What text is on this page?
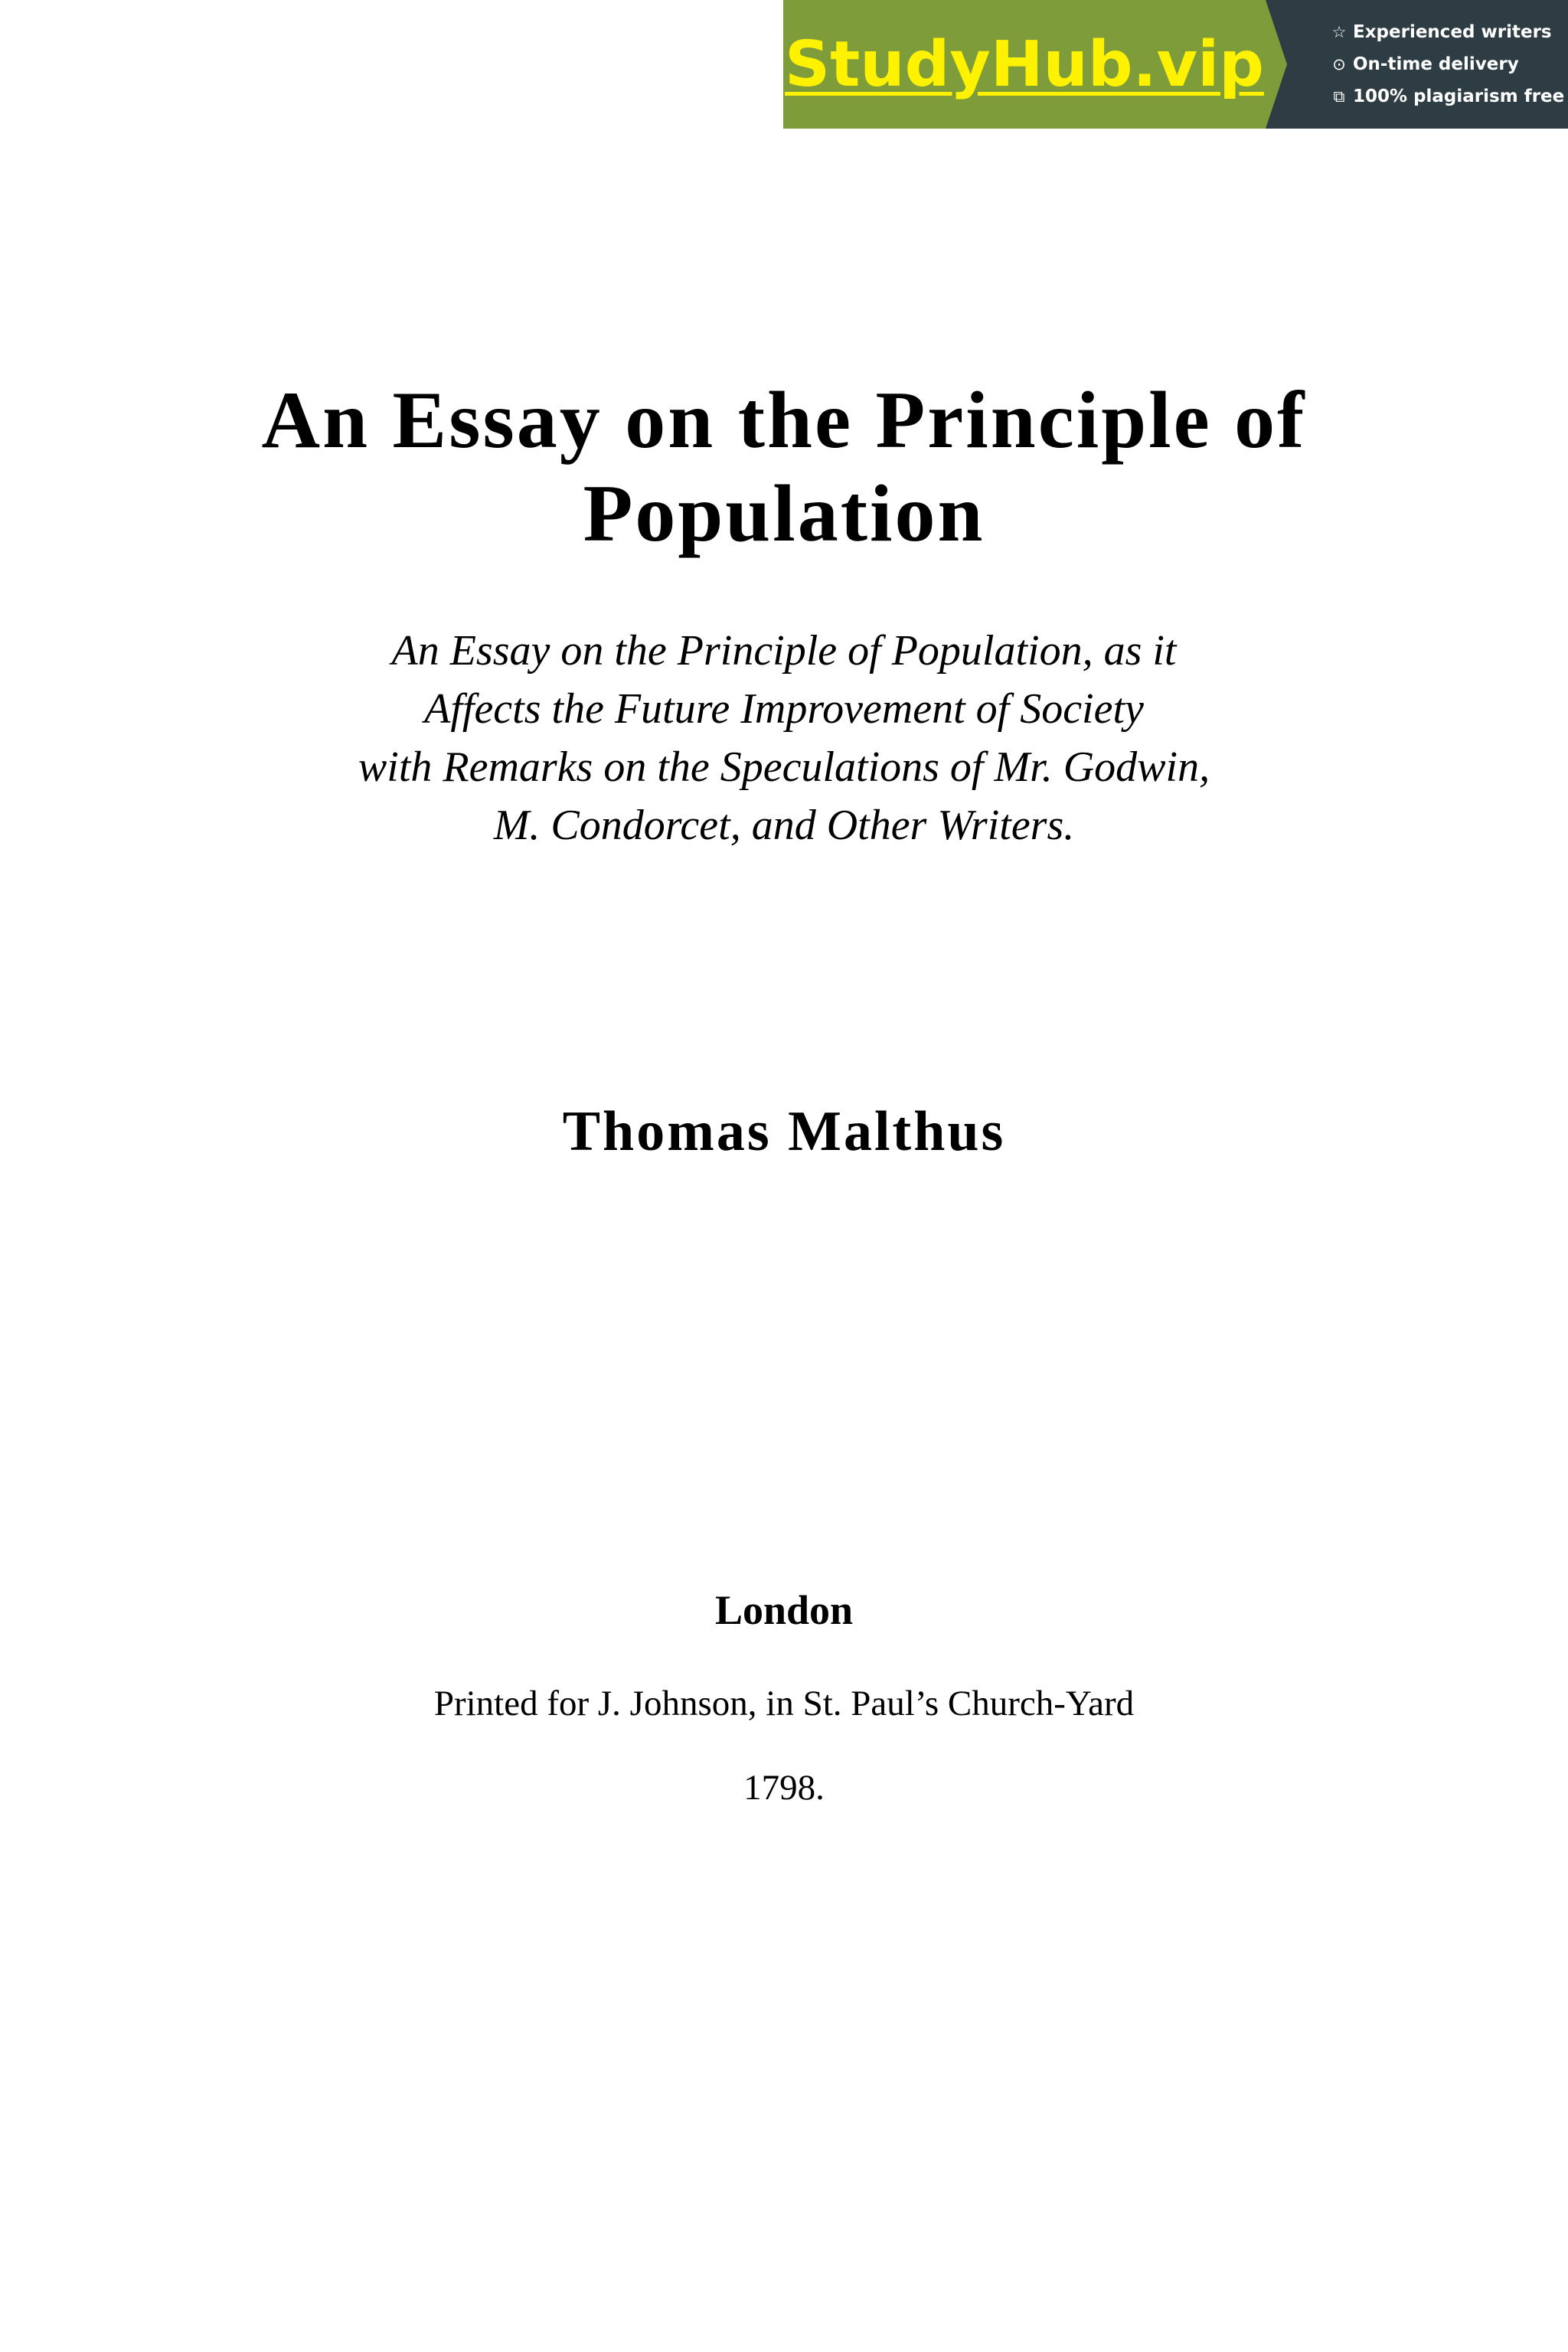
StudyHub.vip	☆ Experienced writers
⊙ On-time delivery
⧉ 100% plagiarism free
An Essay on the Principle of
Population
An Essay on the Principle of Population, as it
Affects the Future Improvement of Society
with Remarks on the Speculations of Mr. Godwin,
M. Condorcet, and Other Writers.
Thomas Malthus
London
Printed for J. Johnson, in St. Paul’s Church-Yard
1798.
